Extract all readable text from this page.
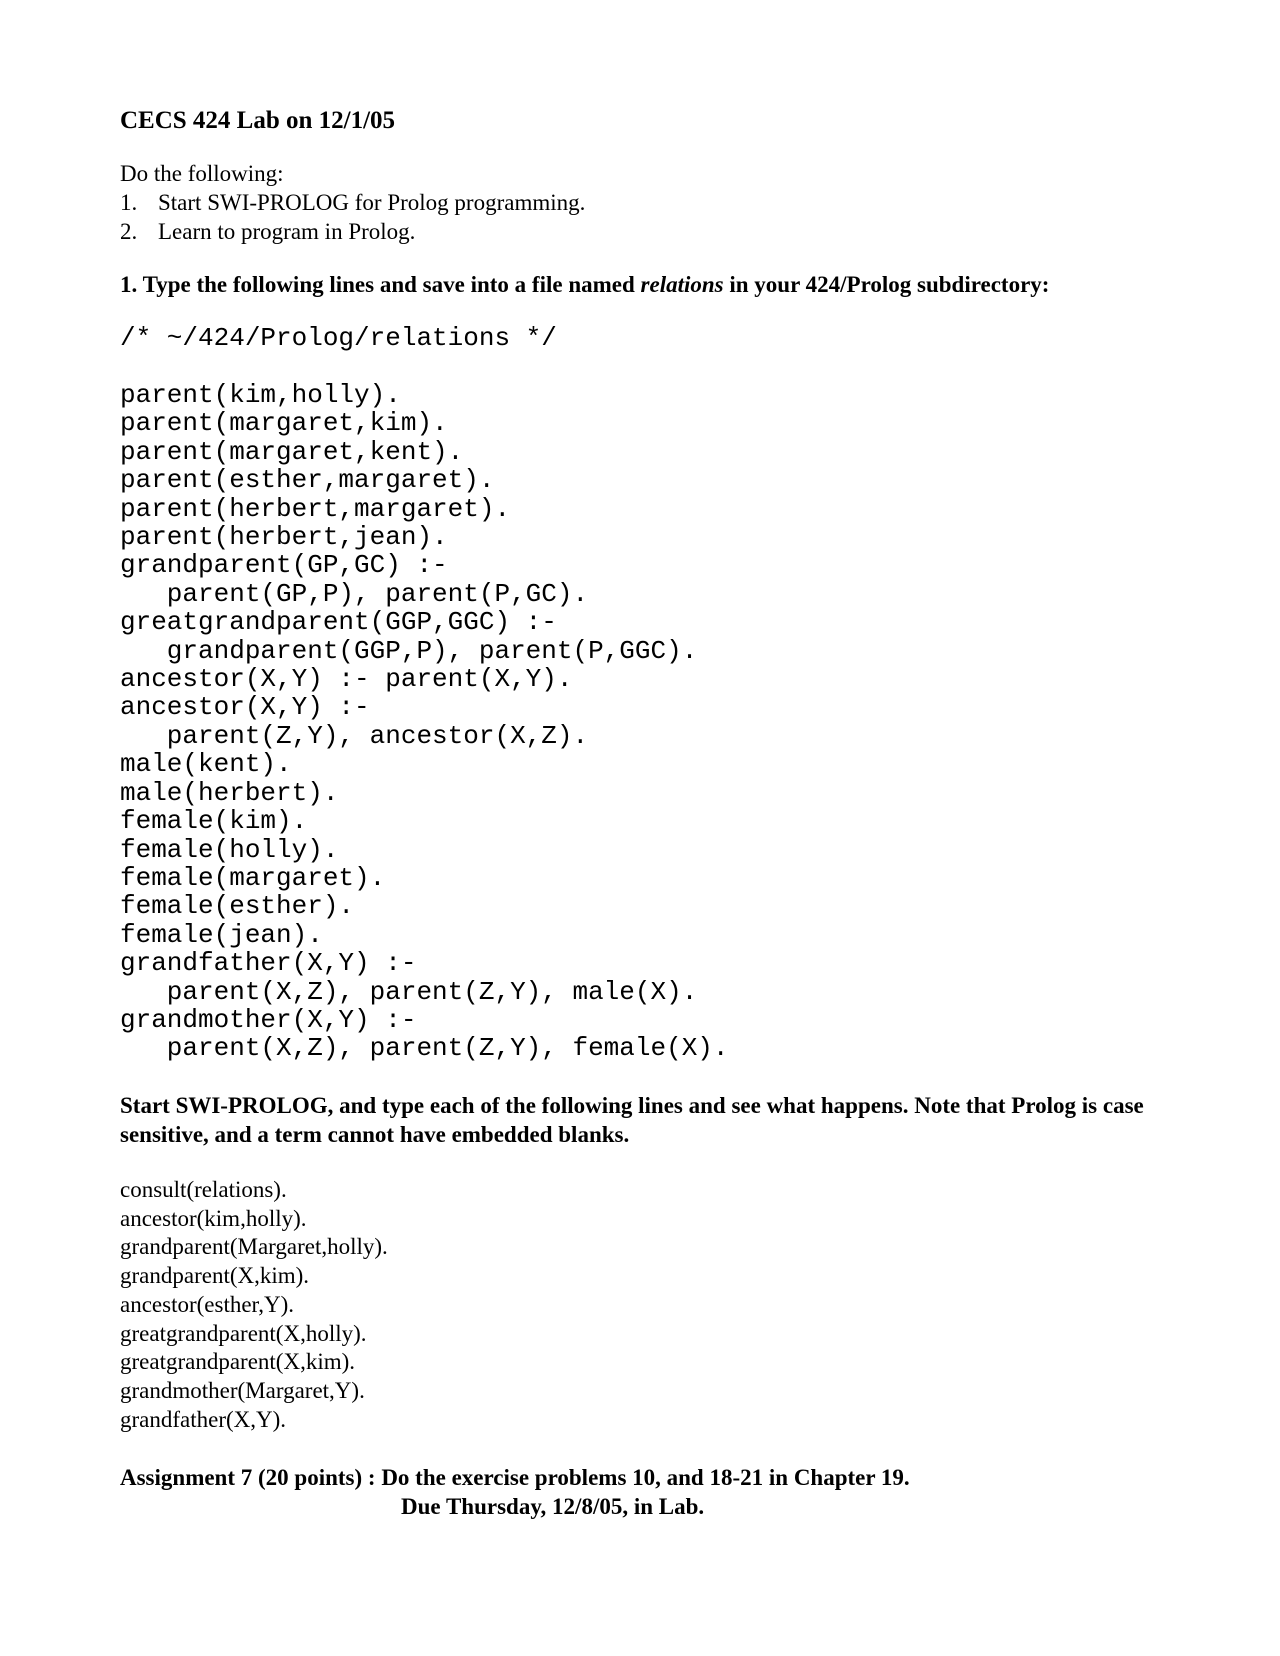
CECS 424 Lab on 12/1/05
Do the following:
1. Start SWI-PROLOG for Prolog programming.
2. Learn to program in Prolog.
1. Type the following lines and save into a file named relations in your 424/Prolog subdirectory:
/* ~/424/Prolog/relations */
parent(kim,holly).
parent(margaret,kim).
parent(margaret,kent).
parent(esther,margaret).
parent(herbert,margaret).
parent(herbert,jean).
grandparent(GP,GC) :-
parent(GP,P), parent(P,GC).
greatgrandparent(GGP,GGC) :-
grandparent(GGP,P), parent(P,GGC).
ancestor(X,Y) :- parent(X,Y).
ancestor(X,Y) :-
parent(Z,Y), ancestor(X,Z).
male(kent).
male(herbert).
female(kim).
female(holly).
female(margaret).
female(esther).
female(jean).
grandfather(X,Y) :-
parent(X,Z), parent(Z,Y), male(X).
grandmother(X,Y) :-
parent(X,Z), parent(Z,Y), female(X).
Start SWI-PROLOG, and type each of the following lines and see what happens. Note that Prolog is case sensitive, and a term cannot have embedded blanks.
consult(relations).
ancestor(kim,holly).
grandparent(Margaret,holly).
grandparent(X,kim).
ancestor(esther,Y).
greatgrandparent(X,holly).
greatgrandparent(X,kim).
grandmother(Margaret,Y).
grandfather(X,Y).
Assignment 7 (20 points) : Do the exercise problems 10, and 18-21 in Chapter 19.
Due Thursday, 12/8/05, in Lab.
